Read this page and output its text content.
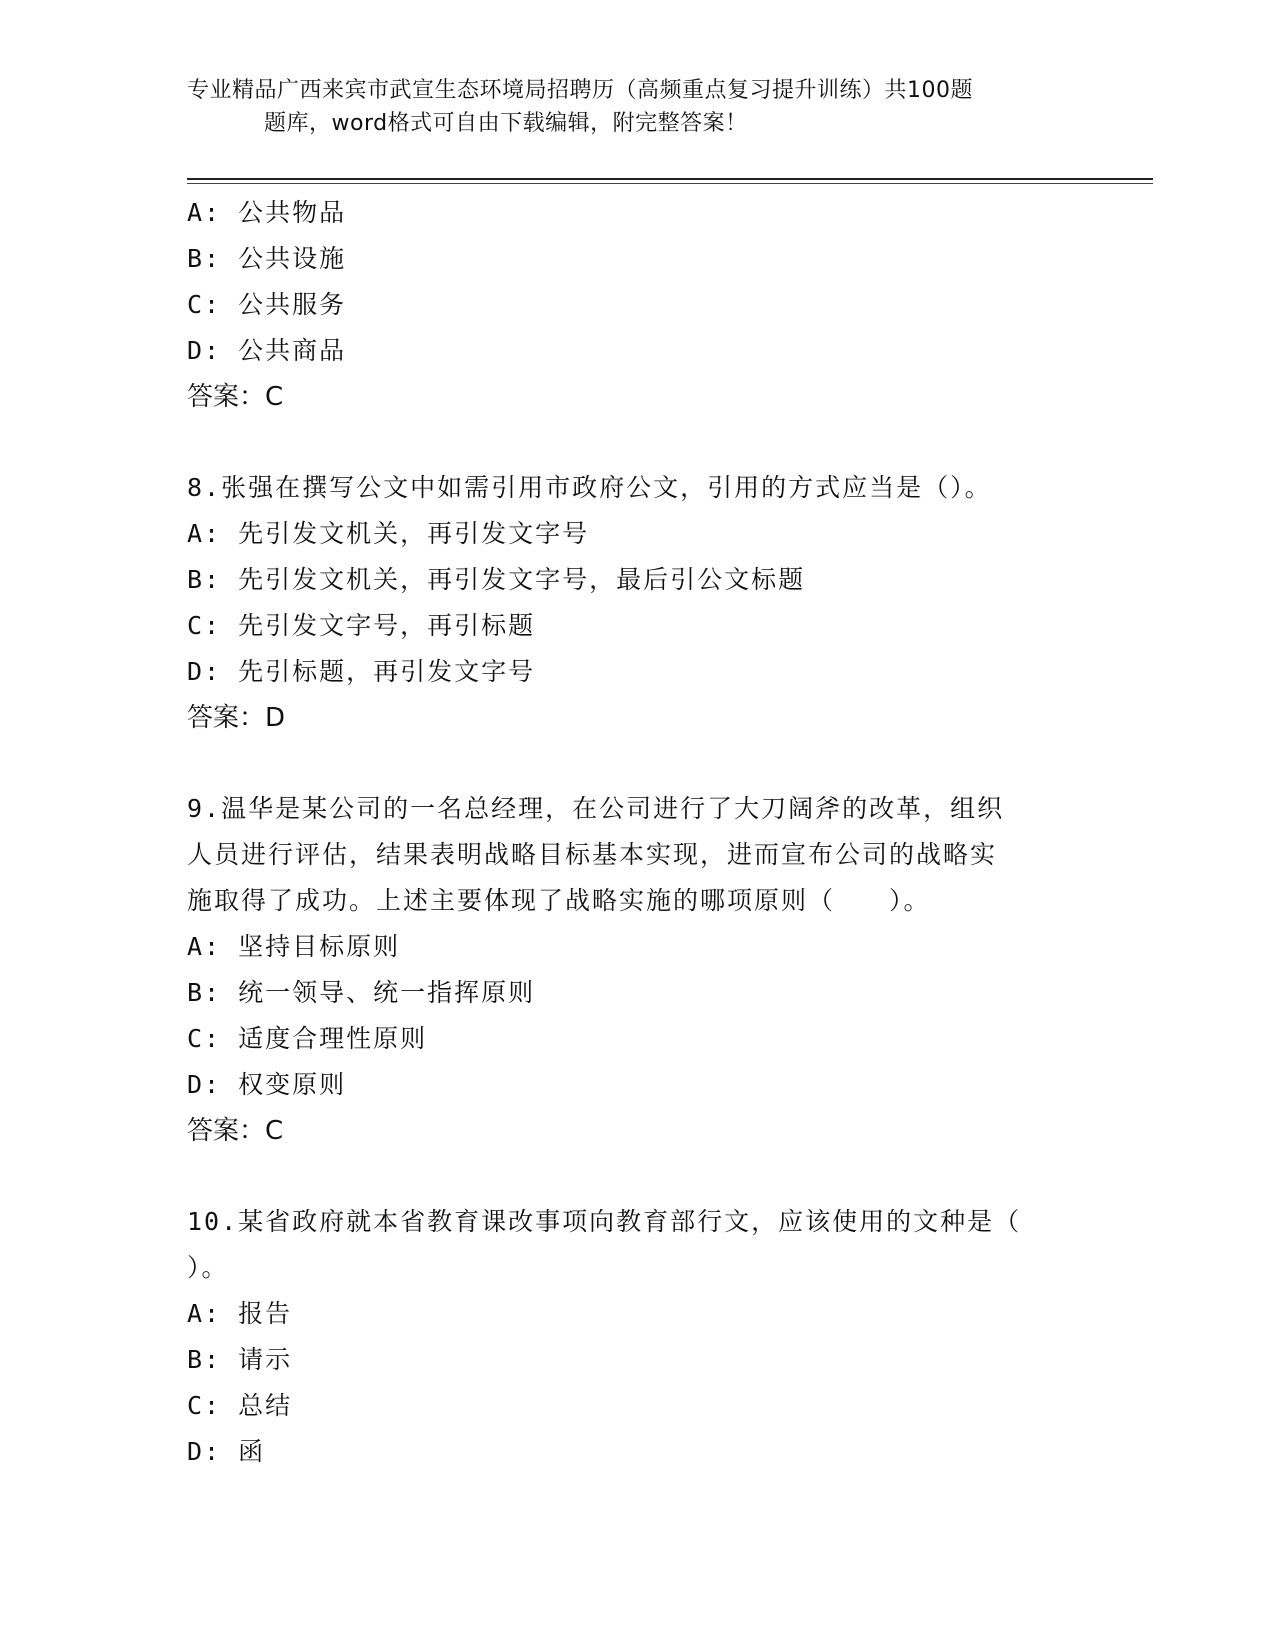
专业精品广西来宾市武宣生态环境局招聘历（高频重点复习提升训练）共100题
题库，word格式可自由下载编辑，附完整答案！
A: 公共物品
B: 公共设施
C: 公共服务
D: 公共商品
答案：C
8.张强在撰写公文中如需引用市政府公文，引用的方式应当是（）。
A: 先引发文机关，再引发文字号
B: 先引发文机关，再引发文字号，最后引公文标题
C: 先引发文字号，再引标题
D: 先引标题，再引发文字号
答案：D
9.温华是某公司的一名总经理，在公司进行了大刀阔斧的改革，组织
人员进行评估，结果表明战略目标基本实现，进而宣布公司的战略实
施取得了成功。上述主要体现了战略实施的哪项原则（　　）。
A: 坚持目标原则
B: 统一领导、统一指挥原则
C: 适度合理性原则
D: 权变原则
答案：C
10.某省政府就本省教育课改事项向教育部行文，应该使用的文种是（
）。
A: 报告
B: 请示
C: 总结
D: 函
